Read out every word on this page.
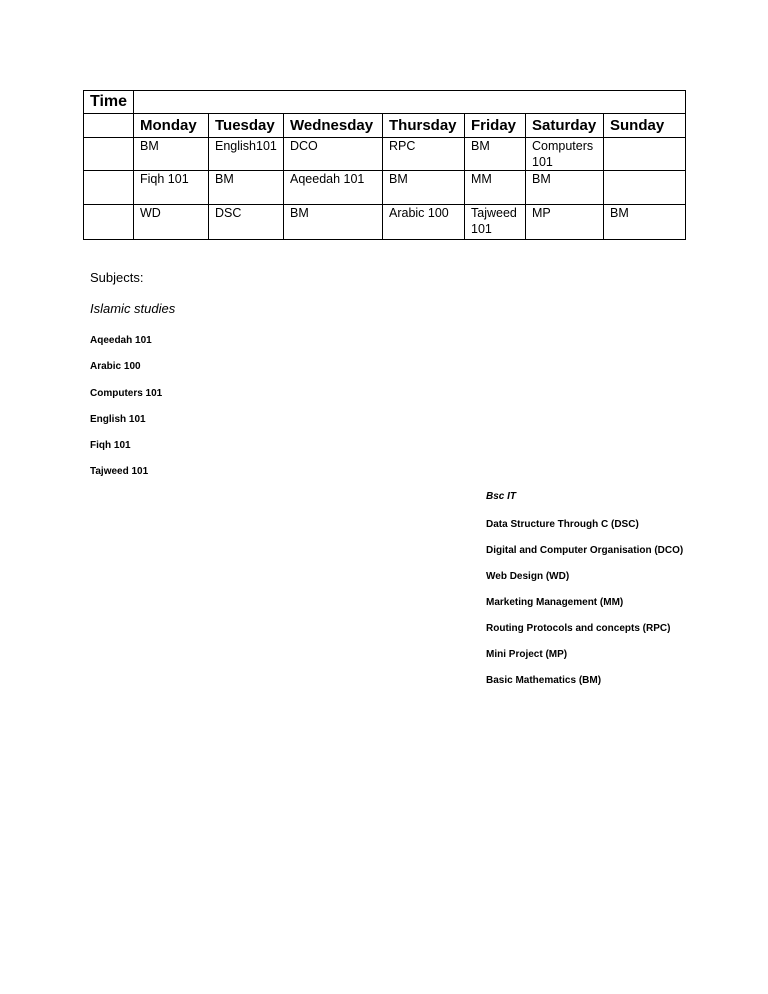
Time							
	Monday	Tuesday	Wednesday	Thursday	Friday	Saturday	Sunday
	BM	English101	DCO	RPC	BM	Computers 101	
	Fiqh 101	BM	Aqeedah 101	BM	MM	BM	
	WD	DSC	BM	Arabic 100	Tajweed 101	MP	BM
Subjects:
Islamic studies
Aqeedah 101
Arabic 100
Computers 101
English 101
Fiqh 101
Tajweed 101
Bsc IT
Data Structure Through C (DSC)
Digital and Computer Organisation (DCO)
Web Design (WD)
Marketing Management (MM)
Routing Protocols and concepts (RPC)
Mini Project (MP)
Basic Mathematics (BM)
